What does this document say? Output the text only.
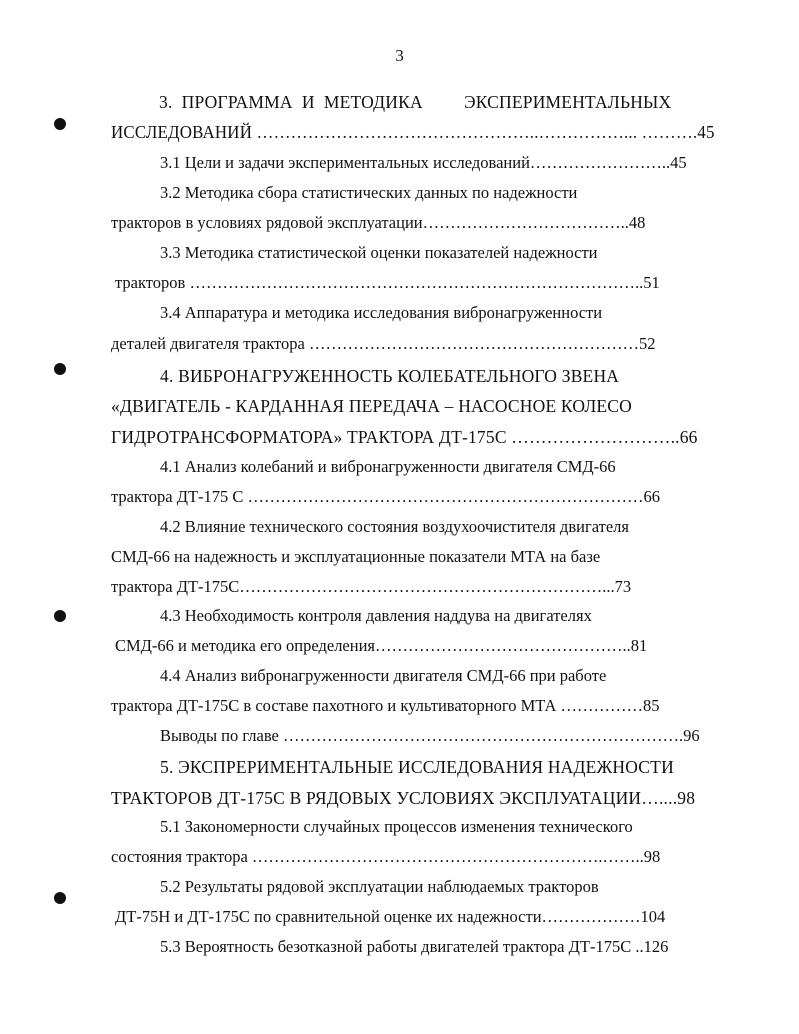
3
3.  ПРОГРАММА  И  МЕТОДИКА         ЭКСПЕРИМЕНТАЛЬНЫХ
ИССЛЕДОВАНИЙ …………………………………………..……………... ……….45
3.1 Цели и задачи экспериментальных исследований……………………..45
3.2 Методика сбора статистических данных по надежности
тракторов в условиях рядовой эксплуатации………………………………..48
3.3 Методика статистической оценки показателей надежности
тракторов ………………………………………………………………………..51
3.4 Аппаратура и методика исследования вибронагруженности
деталей двигателя трактора ……………………………………………………52
4. ВИБРОНАГРУЖЕННОСТЬ КОЛЕБАТЕЛЬНОГО ЗВЕНА
«ДВИГАТЕЛЬ - КАРДАННАЯ ПЕРЕДАЧА – НАСОСНОЕ КОЛЕСО
ГИДРОТРАНСФОРМАТОРА» ТРАКТОРА ДТ-175С ………………………..66
4.1 Анализ колебаний и вибронагруженности двигателя СМД-66
трактора ДТ-175 С ………………………………………………………………66
4.2 Влияние технического состояния воздухоочистителя двигателя
СМД-66 на надежность и эксплуатационные показатели МТА на базе
трактора ДТ-175С…………………………………………………………...73
4.3 Необходимость контроля давления наддува на двигателях
СМД-66 и методика его определения………………………………………..81
4.4 Анализ вибронагруженности двигателя СМД-66 при работе
трактора ДТ-175С в составе пахотного и культиваторного МТА ……………85
Выводы по главе ……………………………………………………………….96
5. ЭКСПРЕРИМЕНТАЛЬНЫЕ ИССЛЕДОВАНИЯ НАДЕЖНОСТИ
ТРАКТОРОВ ДТ-175С В РЯДОВЫХ УСЛОВИЯХ ЭКСПЛУАТАЦИИ…....98
5.1 Закономерности случайных процессов изменения технического
состояния трактора ……………………………………………………….……..98
5.2 Результаты рядовой эксплуатации наблюдаемых тракторов
ДТ-75Н и ДТ-175С по сравнительной оценке их надежности………………104
5.3 Вероятность безотказной работы двигателей трактора ДТ-175С ..126
